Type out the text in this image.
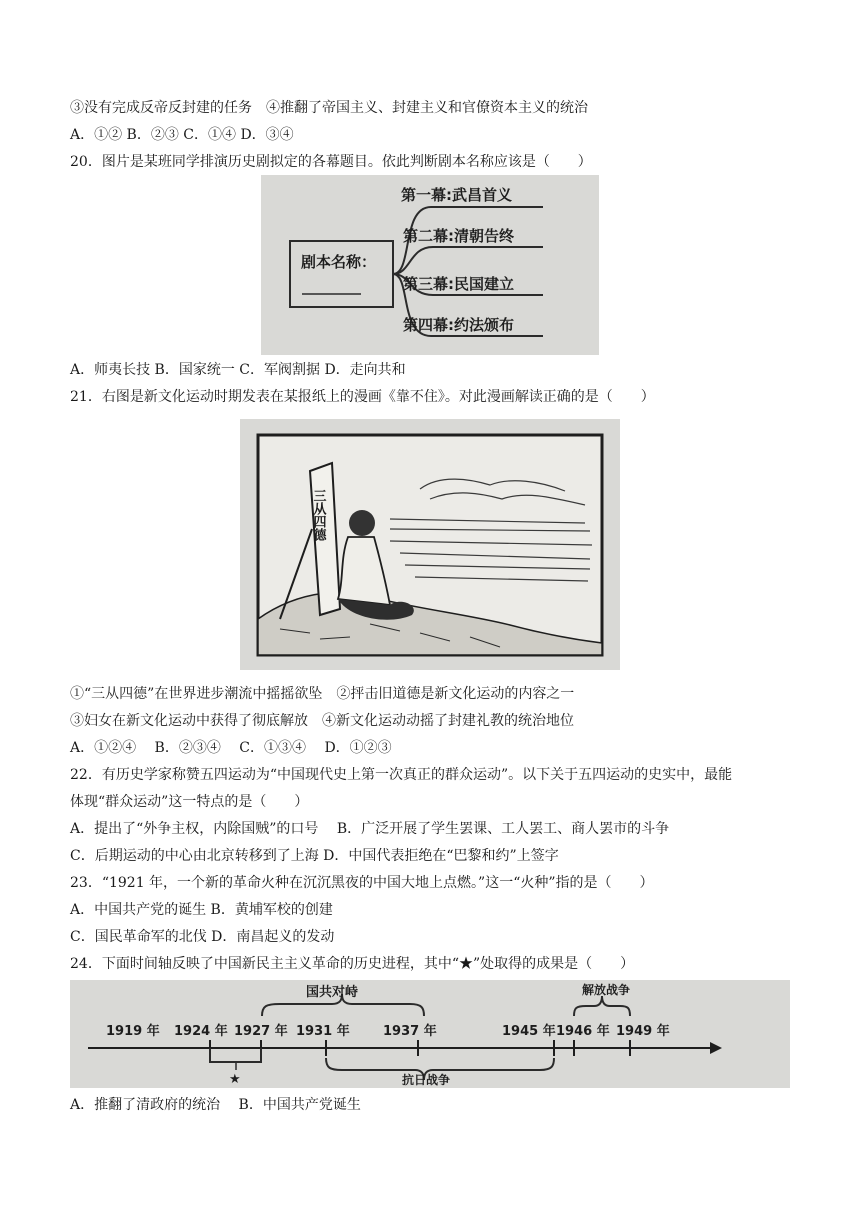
③没有完成反帝反封建的任务　④推翻了帝国主义、封建主义和官僚资本主义的统治
A．①② B．②③ C．①④ D．③④
20．图片是某班同学排演历史剧拟定的各幕题目。依此判断剧本名称应该是（　　）
剧本名称：
第一幕:武昌首义
第二幕:清朝告终
第三幕:民国建立
第四幕:约法颁布
A．师夷长技 B．国家统一 C．军阀割据 D．走向共和
21．右图是新文化运动时期发表在某报纸上的漫画《靠不住》。对此漫画解读正确的是（　　）
三从四德
①“三从四德”在世界进步潮流中摇摇欲坠　②抨击旧道德是新文化运动的内容之一
③妇女在新文化运动中获得了彻底解放　④新文化运动动摇了封建礼教的统治地位
A．①②④　 B．②③④　 C．①③④　 D．①②③
22．有历史学家称赞五四运动为“中国现代史上第一次真正的群众运动”。以下关于五四运动的史实中，最能
体现“群众运动”这一特点的是（　　）
A．提出了“外争主权，内除国贼”的口号　 B．广泛开展了学生罢课、工人罢工、商人罢市的斗争
C．后期运动的中心由北京转移到了上海 D．中国代表拒绝在“巴黎和约”上签字
23．“1921 年，一个新的革命火种在沉沉黑夜的中国大地上点燃。”这一“火种”指的是（　　）
A．中国共产党的诞生 B．黄埔军校的创建
C．国民革命军的北伐 D．南昌起义的发动
24．下面时间轴反映了中国新民主主义革命的历史进程，其中“★”处取得的成果是（　　）
1919 年 1924 年 1927 年 1931 年	1937 年	1945 年 1946 年 1949 年
国共对峙
抗日战争
解放战争
★
A．推翻了清政府的统治　 B．中国共产党诞生
